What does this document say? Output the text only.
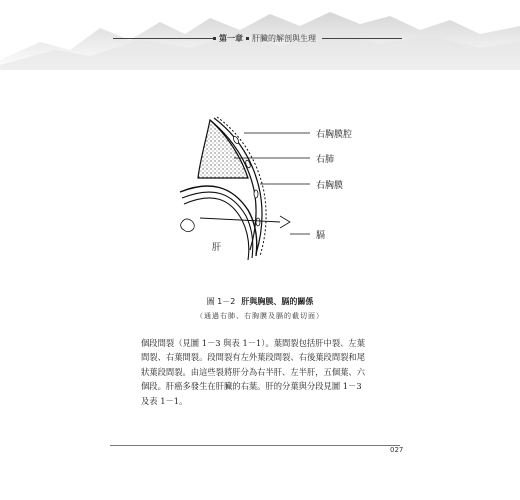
第一章 肝臟的解剖與生理
右胸膜腔
右肺
右胸膜
膈
肝
圖 1－2 肝與胸膜、膈的關係
（通過右肺、右胸膜及膈的截切面）

個段間裂（見圖 1－3 與表 1－1）。葉間裂包括肝中裂、左葉

間裂、右葉間裂。段間裂有左外葉段間裂、右後葉段間裂和尾

狀葉段間裂。由這些裂將肝分為右半肝、左半肝，五個葉、六

個段。肝癌多發生在肝臟的右葉。肝的分葉與分段見圖 1－3

及表 1－1。

027
